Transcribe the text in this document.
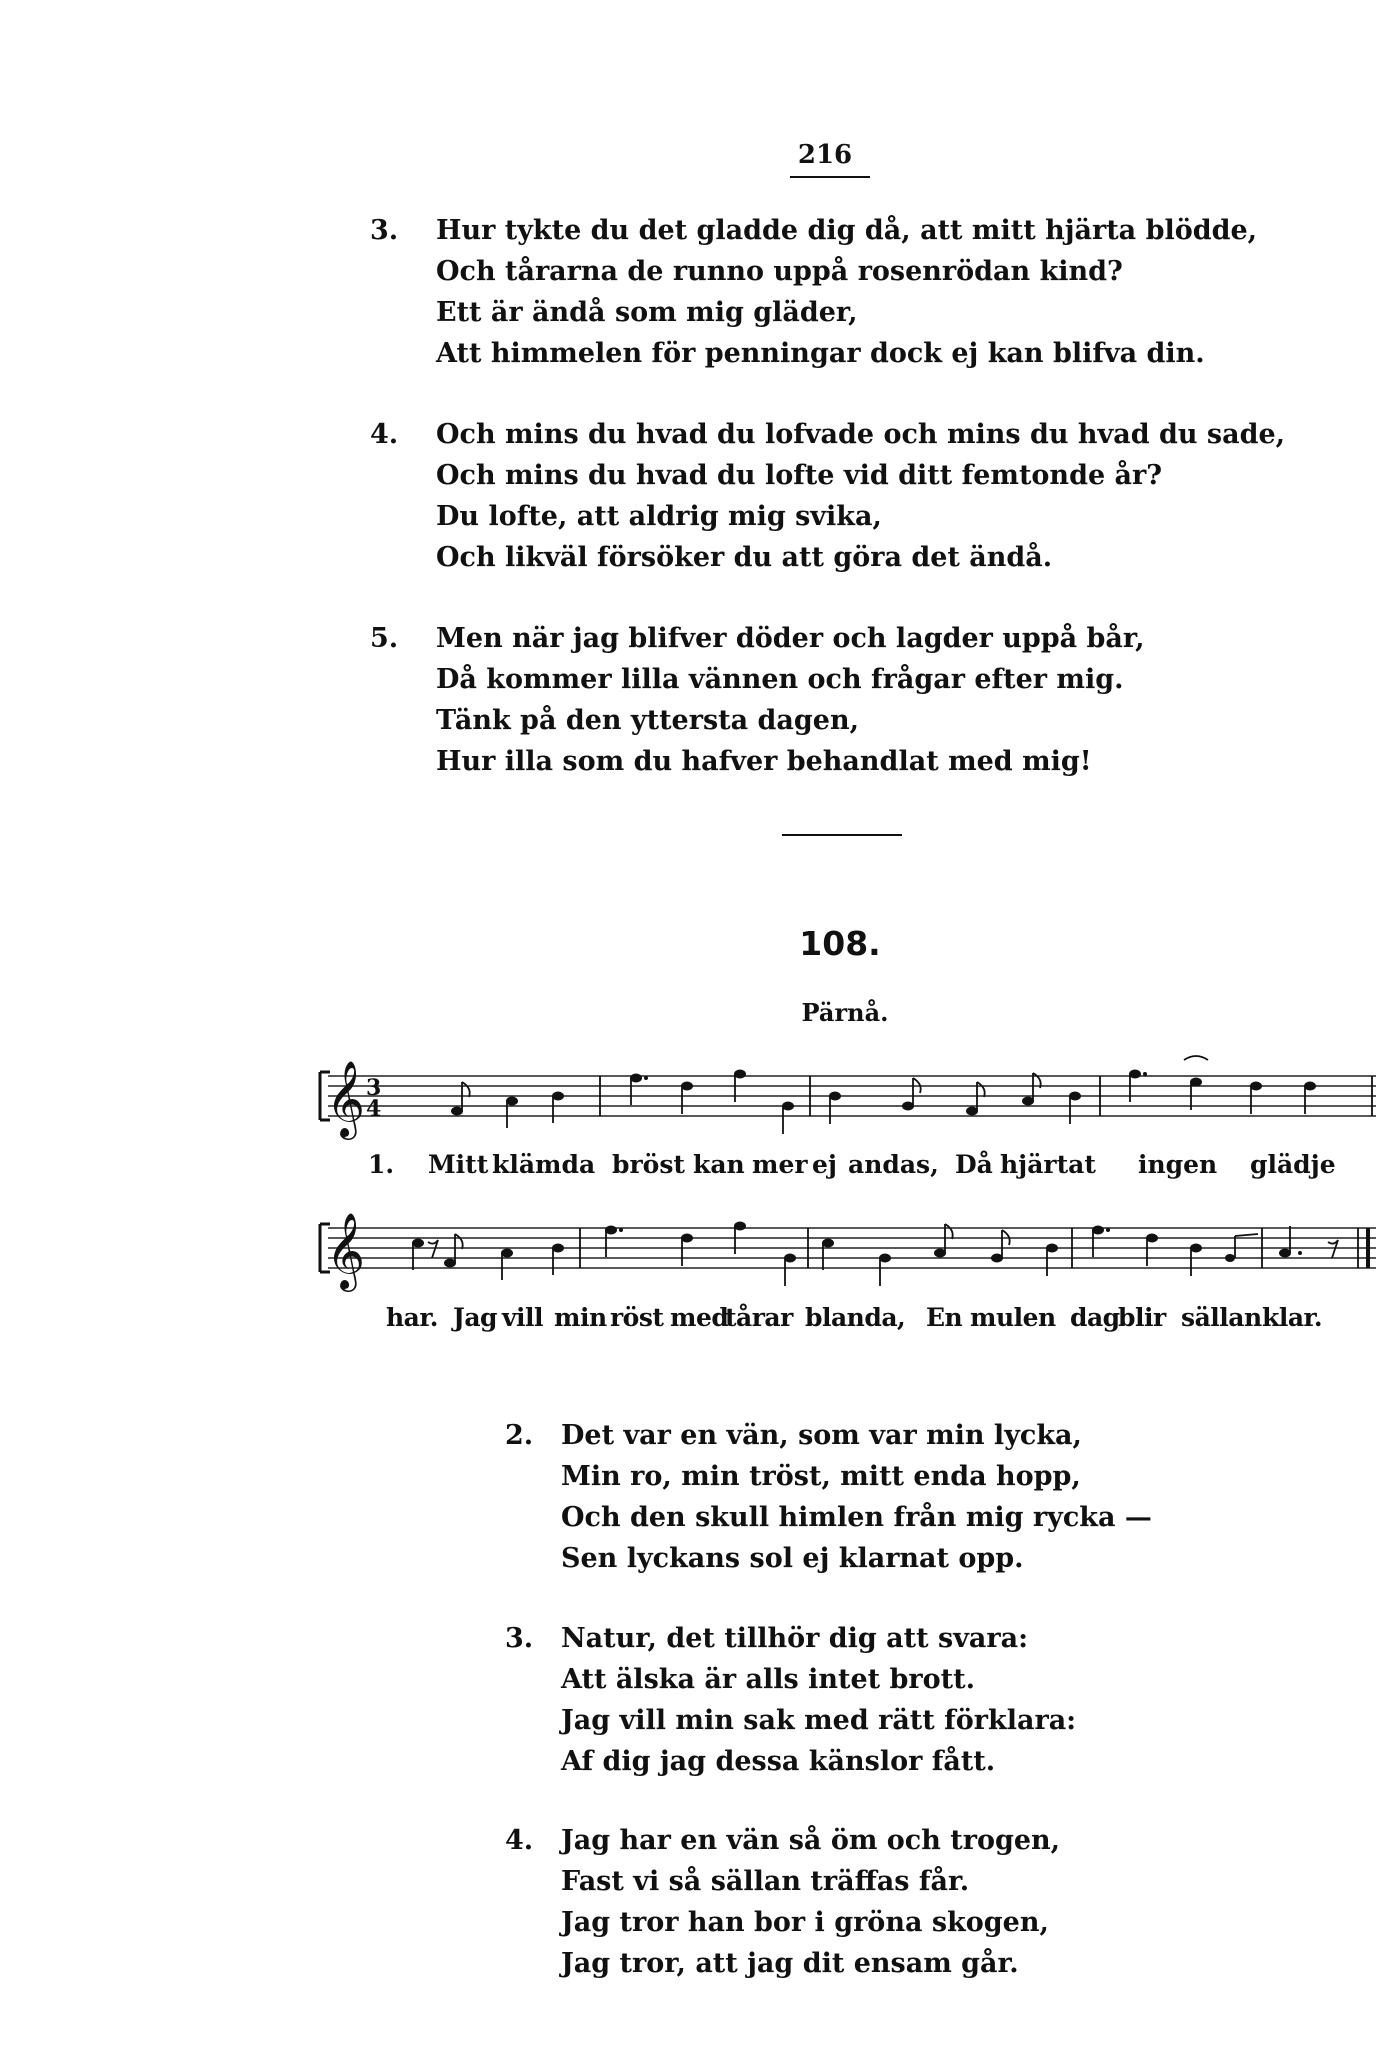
216
3. Hur tykte du det gladde dig då, att mitt hjärta blödde,
Och tårarna de runno uppå rosenrödan kind?
Ett är ändå som mig gläder,
Att himmelen för penningar dock ej kan blifva din.
4. Och mins du hvad du lofvade och mins du hvad du sade,
Och mins du hvad du lofte vid ditt femtonde år?
Du lofte, att aldrig mig svika,
Och likväl försöker du att göra det ändå.
5. Men när jag blifver döder och lagder uppå bår,
Då kommer lilla vännen och frågar efter mig.
Tänk på den yttersta dagen,
Hur illa som du hafver behandlat med mig!
108.
Pärnå.
𝄞 3
4
1. Mitt klämda bröst kan mer ej andas, Då hjärtat ingen glädje
𝄞
har. Jag vill min röst med
tårar blanda, En mulen dag
blir sällan klar.
2. Det var en vän, som var min lycka,
Min ro, min tröst, mitt enda hopp,
Och den skull himlen från mig rycka —
Sen lyckans sol ej klarnat opp.
3. Natur, det tillhör dig att svara:
Att älska är alls intet brott.
Jag vill min sak med rätt förklara:
Af dig jag dessa känslor fått.
4. Jag har en vän så öm och trogen,
Fast vi så sällan träffas får.
Jag tror han bor i gröna skogen,
Jag tror, att jag dit ensam går.
